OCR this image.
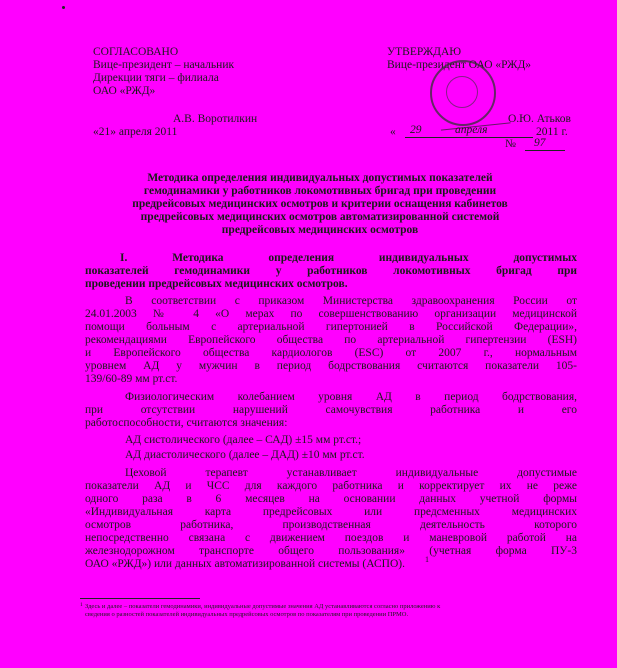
СОГЛАСОВАНО
Вице-президент – начальник
Дирекции тяги – филиала
ОАО «РЖД»
А.В. Воротилкин
«21» апреля 2011
УТВЕРЖДАЮ
Вице-президент ОАО «РЖД»
О.Ю. Атьков
« 29	апреля	2011 г.
№ 97
Методика определения индивидуальных допустимых показателей
гемодинамики у работников локомотивных бригад при проведении
предрейсовых медицинских осмотров и критерии оснащения кабинетов
предрейсовых медицинских осмотров автоматизированной системой
предрейсовых медицинских осмотров
I. Методика определения индивидуальных допустимых
показателей гемодинамики у работников локомотивных бригад при
проведении предрейсовых медицинских осмотров.
В соответствии с приказом Министерства здравоохранения России от
24.01.2003 № 4 «О мерах по совершенствованию организации медицинской
помощи больным с артериальной гипертонией в Российской Федерации»,
рекомендациями Европейского общества по артериальной гипертензии (ESH)
и Европейского общества кардиологов (ESC) от 2007 г., нормальным
уровнем АД у мужчин в период бодрствования считаются показатели 105-
139/60-89 мм рт.ст.
Физиологическим колебанием уровня АД в период бодрствования,
при отсутствии нарушений самочувствия работника и его
работоспособности, считаются значения:
АД систолического (далее – САД) ±15 мм рт.ст.;
АД диастолического (далее – ДАД) ±10 мм рт.ст.
Цеховой терапевт устанавливает индивидуальные допустимые
показатели АД и ЧСС для каждого работника и корректирует их не реже
одного раза в 6 месяцев на основании данных учетной формы
«Индивидуальная карта предрейсовых или предсменных медицинских
осмотров работника, производственная деятельность которого
непосредственно связана с движением поездов и маневровой работой на
железнодорожном транспорте общего пользования» (учетная форма ПУ-3
ОАО «РЖД») или данных автоматизированной системы (АСПО).	1
1 Здесь и далее – показатели гемодинамики, индивидуальные допустимые значения АД устанавливаются согласно приложению к
сведения о разностей показателей индивидуальных предрейсовых осмотров по показателям при проведении ПРМО.
